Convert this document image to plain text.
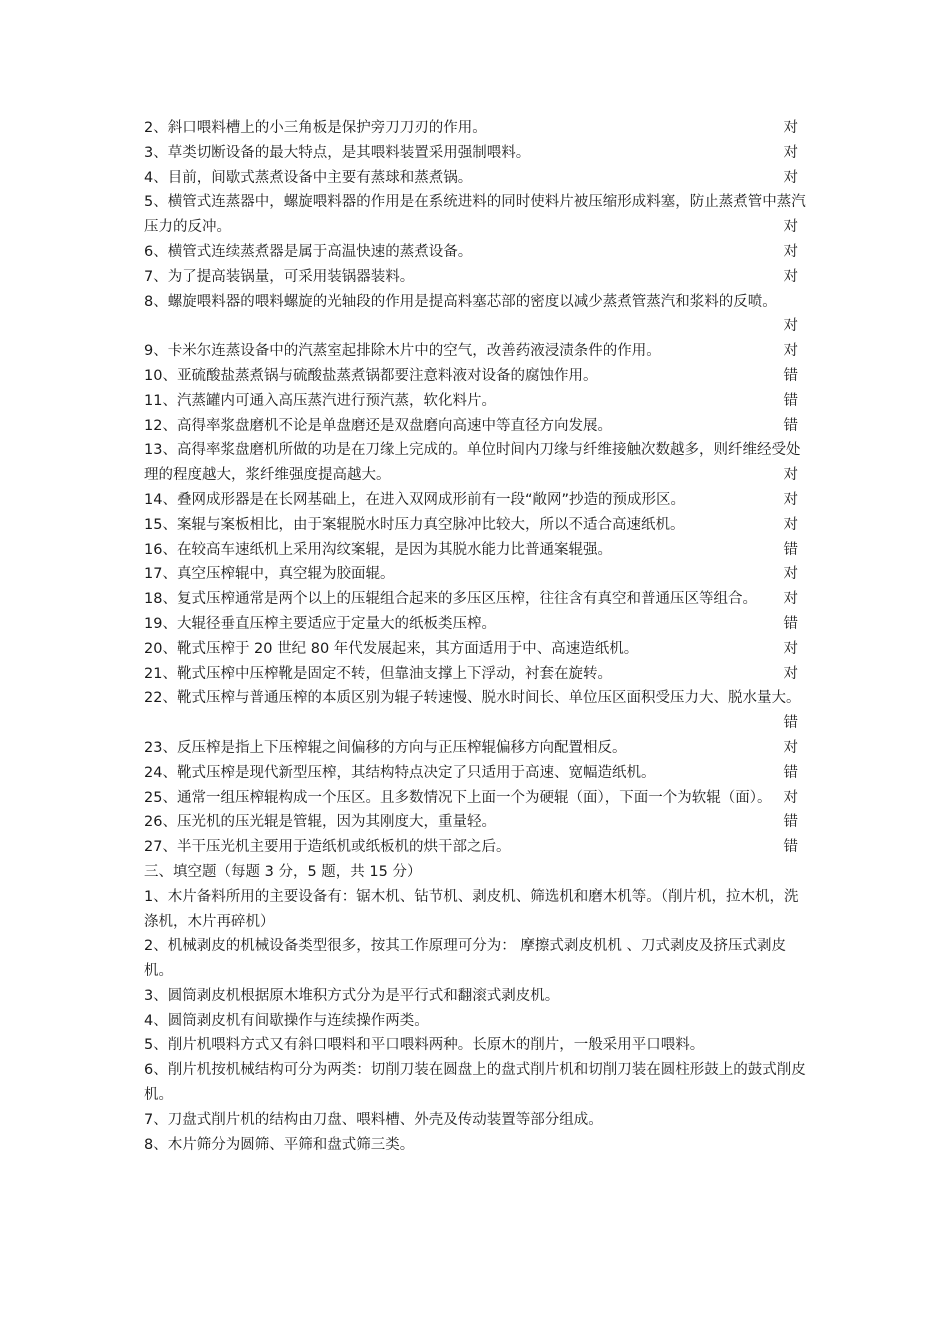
2、斜口喂料槽上的小三角板是保护旁刀刀刃的作用。	对
3、草类切断设备的最大特点，是其喂料装置采用强制喂料。	对
4、目前，间歇式蒸煮设备中主要有蒸球和蒸煮锅。	对
5、横管式连蒸器中，螺旋喂料器的作用是在系统进料的同时使料片被压缩形成料塞，防止蒸煮管中蒸汽压力的反冲。	对
6、横管式连续蒸煮器是属于高温快速的蒸煮设备。	对
7、为了提高装锅量，可采用装锅器装料。	对
8、螺旋喂料器的喂料螺旋的光轴段的作用是提高料塞芯部的密度以减少蒸煮管蒸汽和浆料的反喷。
对
9、卡米尔连蒸设备中的汽蒸室起排除木片中的空气，改善药液浸渍条件的作用。	对
10、亚硫酸盐蒸煮锅与硫酸盐蒸煮锅都要注意料液对设备的腐蚀作用。	错
11、汽蒸罐内可通入高压蒸汽进行预汽蒸，软化料片。	错
12、高得率浆盘磨机不论是单盘磨还是双盘磨向高速中等直径方向发展。	错
13、高得率浆盘磨机所做的功是在刀缘上完成的。单位时间内刀缘与纤维接触次数越多，则纤维经受处理的程度越大，浆纤维强度提高越大。	对
14、叠网成形器是在长网基础上，在进入双网成形前有一段“敞网”抄造的预成形区。	对
15、案辊与案板相比，由于案辊脱水时压力真空脉冲比较大，所以不适合高速纸机。	对
16、在较高车速纸机上采用沟纹案辊，是因为其脱水能力比普通案辊强。	错
17、真空压榨辊中，真空辊为胶面辊。	对
18、复式压榨通常是两个以上的压辊组合起来的多压区压榨，往往含有真空和普通压区等组合。	对
19、大辊径垂直压榨主要适应于定量大的纸板类压榨。	错
20、靴式压榨于 20 世纪 80 年代发展起来，其方面适用于中、高速造纸机。	对
21、靴式压榨中压榨靴是固定不转，但靠油支撑上下浮动，衬套在旋转。	对
22、靴式压榨与普通压榨的本质区别为辊子转速慢、脱水时间长、单位压区面积受压力大、脱水量大。
错
23、反压榨是指上下压榨辊之间偏移的方向与正压榨辊偏移方向配置相反。	对
24、靴式压榨是现代新型压榨，其结构特点决定了只适用于高速、宽幅造纸机。	错
25、通常一组压榨辊构成一个压区。且多数情况下上面一个为硬辊（面），下面一个为软辊（面）。 对
26、压光机的压光辊是管辊，因为其刚度大，重量轻。	错
27、半干压光机主要用于造纸机或纸板机的烘干部之后。	错
三、填空题（每题 3 分，5 题，共 15 分）
1、木片备料所用的主要设备有：锯木机、钻节机、剥皮机、筛选机和磨木机等。（削片机，拉木机，洗涤机，木片再碎机）
2、机械剥皮的机械设备类型很多，按其工作原理可分为： 摩擦式剥皮机机 、刀式剥皮及挤压式剥皮机。
3、圆筒剥皮机根据原木堆积方式分为是平行式和翻滚式剥皮机。
4、圆筒剥皮机有间歇操作与连续操作两类。
5、削片机喂料方式又有斜口喂料和平口喂料两种。长原木的削片，一般采用平口喂料。
6、削片机按机械结构可分为两类：切削刀装在圆盘上的盘式削片机和切削刀装在圆柱形鼓上的鼓式削皮机。
7、刀盘式削片机的结构由刀盘、喂料槽、外壳及传动装置等部分组成。
8、木片筛分为圆筛、平筛和盘式筛三类。
